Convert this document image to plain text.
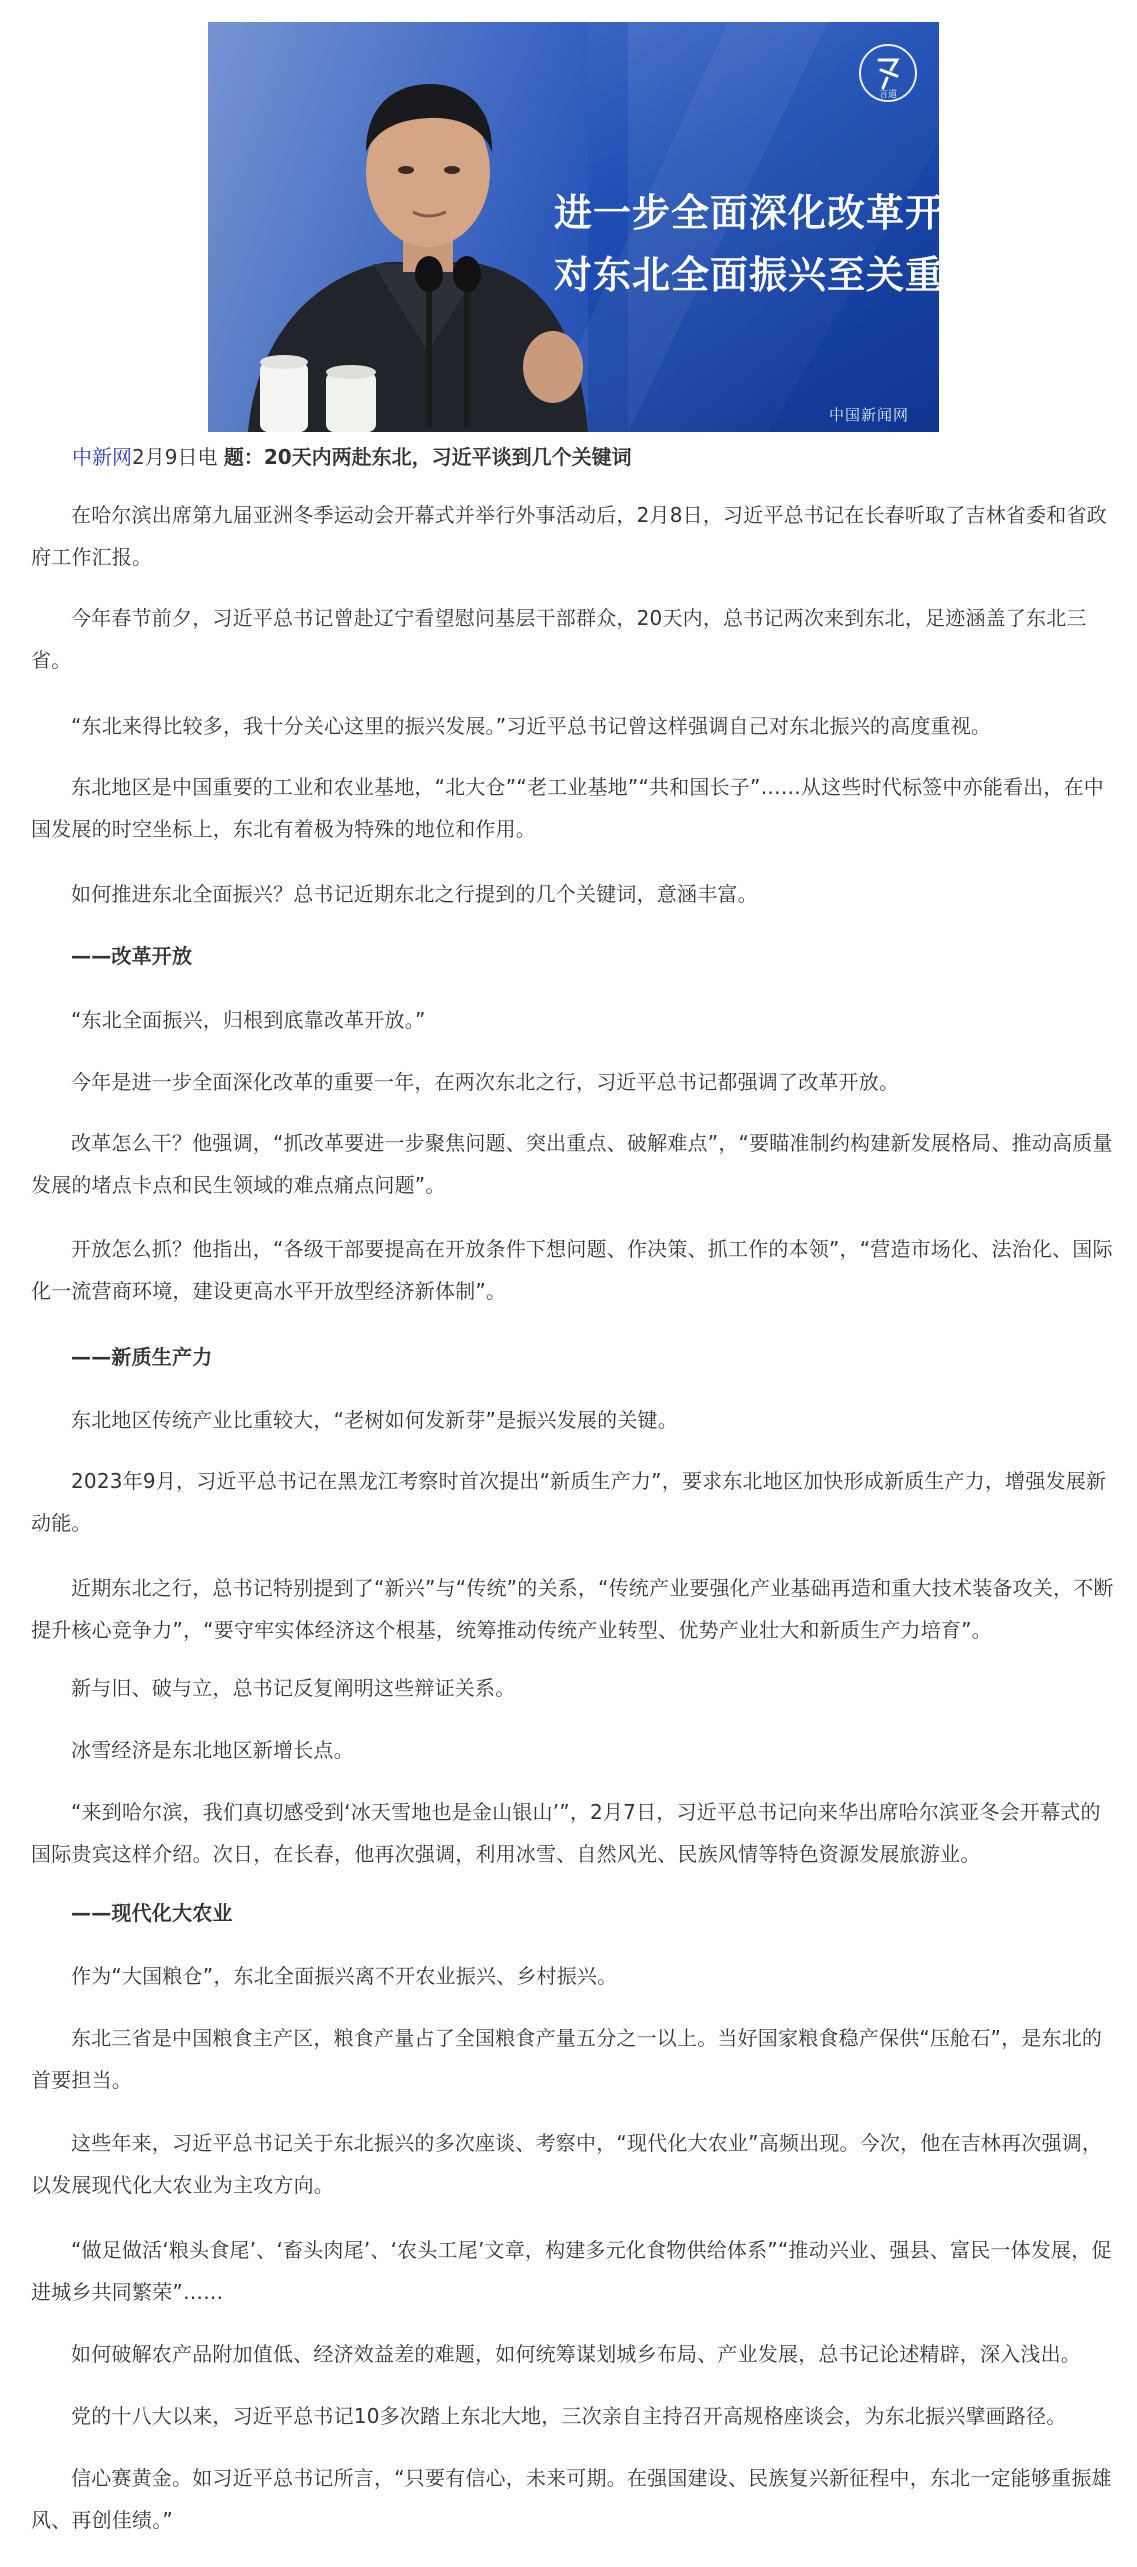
言道
进一步全面深化改革开放
对东北全面振兴至关重要
中国新闻网
中新网2月9日电 题：20天内两赴东北，习近平谈到几个关键词

在哈尔滨出席第九届亚洲冬季运动会开幕式并举行外事活动后，2月8日，习近平总书记在长春听取了吉林省委和省政府工作汇报。

今年春节前夕，习近平总书记曾赴辽宁看望慰问基层干部群众，20天内，总书记两次来到东北，足迹涵盖了东北三省。

“东北来得比较多，我十分关心这里的振兴发展。”习近平总书记曾这样强调自己对东北振兴的高度重视。

东北地区是中国重要的工业和农业基地，“北大仓”“老工业基地”“共和国长子”……从这些时代标签中亦能看出，在中国发展的时空坐标上，东北有着极为特殊的地位和作用。

如何推进东北全面振兴？总书记近期东北之行提到的几个关键词，意涵丰富。

——改革开放

“东北全面振兴，归根到底靠改革开放。”

今年是进一步全面深化改革的重要一年，在两次东北之行，习近平总书记都强调了改革开放。

改革怎么干？他强调，“抓改革要进一步聚焦问题、突出重点、破解难点”，“要瞄准制约构建新发展格局、推动高质量发展的堵点卡点和民生领域的难点痛点问题”。

开放怎么抓？他指出，“各级干部要提高在开放条件下想问题、作决策、抓工作的本领”，“营造市场化、法治化、国际化一流营商环境，建设更高水平开放型经济新体制”。

——新质生产力

东北地区传统产业比重较大，“老树如何发新芽”是振兴发展的关键。

2023年9月，习近平总书记在黑龙江考察时首次提出“新质生产力”，要求东北地区加快形成新质生产力，增强发展新动能。

近期东北之行，总书记特别提到了“新兴”与“传统”的关系，“传统产业要强化产业基础再造和重大技术装备攻关，不断提升核心竞争力”，“要守牢实体经济这个根基，统筹推动传统产业转型、优势产业壮大和新质生产力培育”。

新与旧、破与立，总书记反复阐明这些辩证关系。

冰雪经济是东北地区新增长点。

“来到哈尔滨，我们真切感受到‘冰天雪地也是金山银山’”，2月7日，习近平总书记向来华出席哈尔滨亚冬会开幕式的国际贵宾这样介绍。次日，在长春，他再次强调，利用冰雪、自然风光、民族风情等特色资源发展旅游业。

——现代化大农业

作为“大国粮仓”，东北全面振兴离不开农业振兴、乡村振兴。

东北三省是中国粮食主产区，粮食产量占了全国粮食产量五分之一以上。当好国家粮食稳产保供“压舱石”，是东北的首要担当。

这些年来，习近平总书记关于东北振兴的多次座谈、考察中，“现代化大农业”高频出现。今次，他在吉林再次强调，以发展现代化大农业为主攻方向。

“做足做活‘粮头食尾’、‘畜头肉尾’、‘农头工尾’文章，构建多元化食物供给体系”“推动兴业、强县、富民一体发展，促进城乡共同繁荣”……

如何破解农产品附加值低、经济效益差的难题，如何统筹谋划城乡布局、产业发展，总书记论述精辟，深入浅出。

党的十八大以来，习近平总书记10多次踏上东北大地，三次亲自主持召开高规格座谈会，为东北振兴擘画路径。

信心赛黄金。如习近平总书记所言，“只要有信心，未来可期。在强国建设、民族复兴新征程中，东北一定能够重振雄风、再创佳绩。”
